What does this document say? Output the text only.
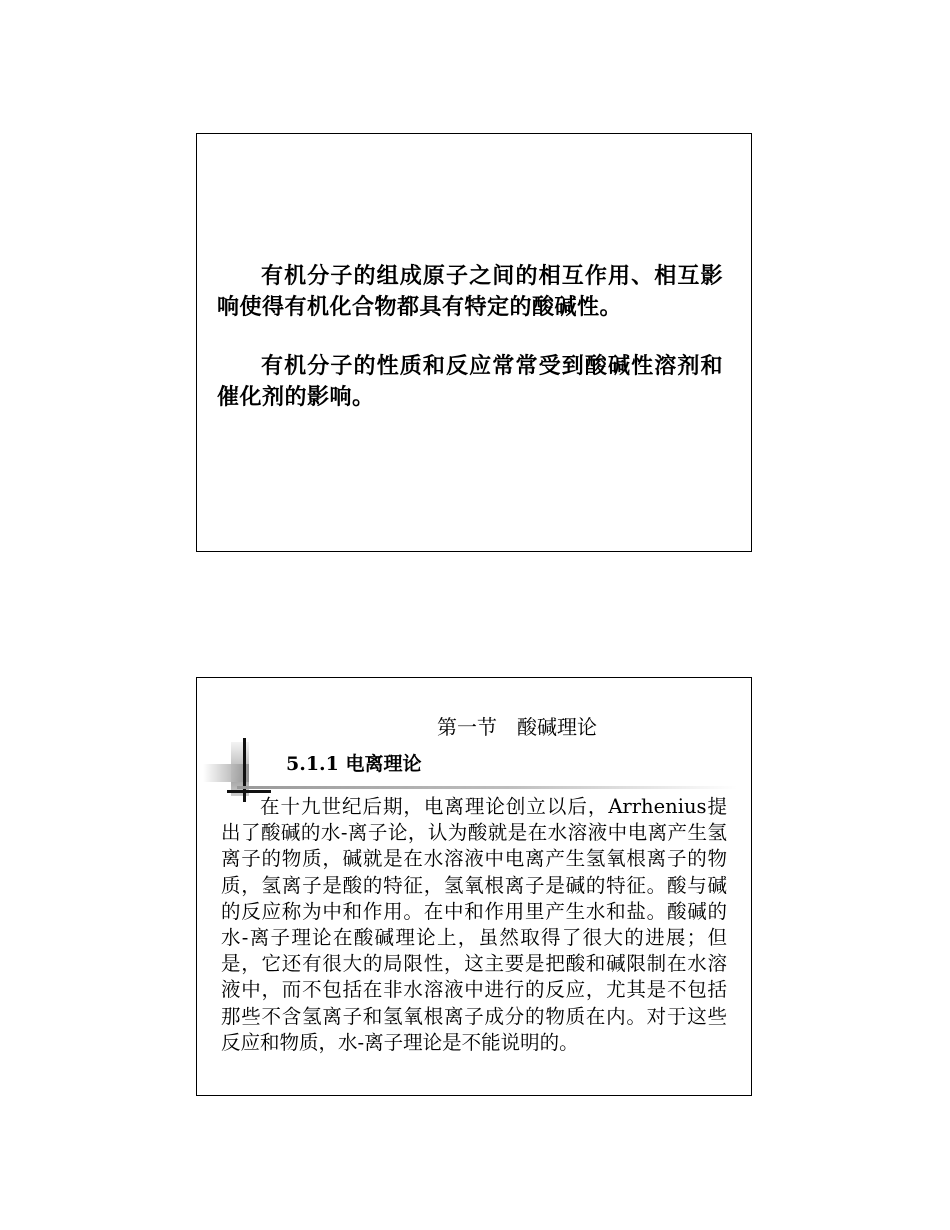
有机分子的组成原子之间的相互作用、相互影响使得有机化合物都具有特定的酸碱性。

有机分子的性质和反应常常受到酸碱性溶剂和催化剂的影响。

第一节　酸碱理论
5.1.1 电离理论

在十九世纪后期，电离理论创立以后，Arrhenius提出了酸碱的水-离子论，认为酸就是在水溶液中电离产生氢离子的物质，碱就是在水溶液中电离产生氢氧根离子的物质，氢离子是酸的特征，氢氧根离子是碱的特征。酸与碱的反应称为中和作用。在中和作用里产生水和盐。酸碱的水-离子理论在酸碱理论上，虽然取得了很大的进展；但是，它还有很大的局限性，这主要是把酸和碱限制在水溶液中，而不包括在非水溶液中进行的反应，尤其是不包括那些不含氢离子和氢氧根离子成分的物质在内。对于这些反应和物质，水-离子理论是不能说明的。
